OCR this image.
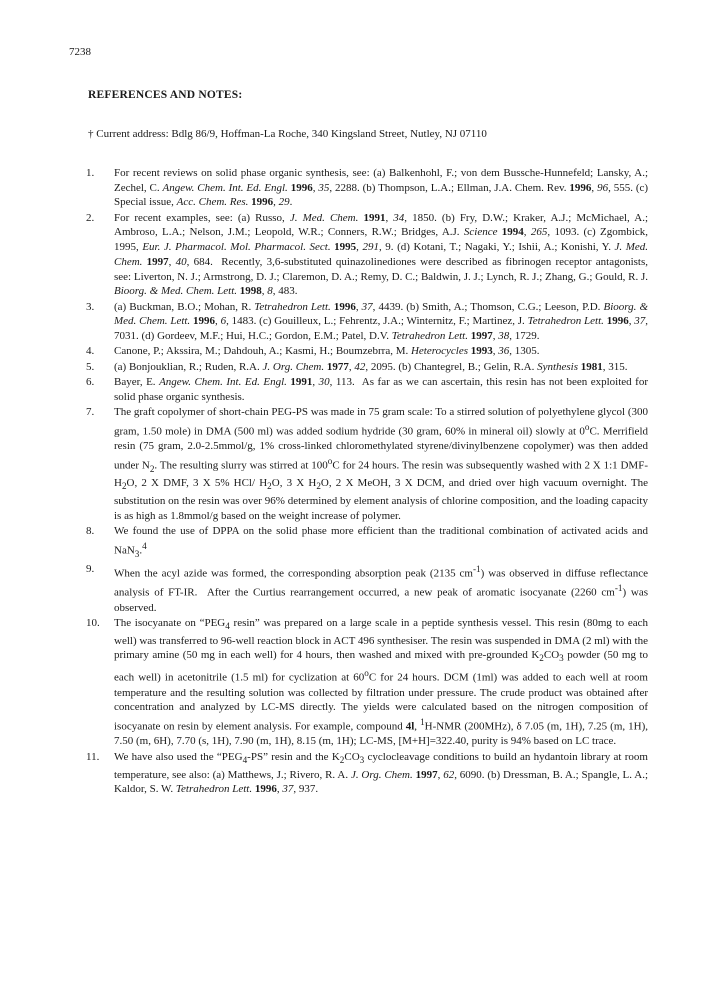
7238
REFERENCES AND NOTES:
† Current address: Bdlg 86/9, Hoffman-La Roche, 340 Kingsland Street, Nutley, NJ 07110
1.	For recent reviews on solid phase organic synthesis, see: (a) Balkenhohl, F.; von dem Bussche-Hunnefeld; Lansky, A.; Zechel, C. Angew. Chem. Int. Ed. Engl. 1996, 35, 2288. (b) Thompson, L.A.; Ellman, J.A. Chem. Rev. 1996, 96, 555. (c) Special issue, Acc. Chem. Res. 1996, 29.
2.	For recent examples, see: (a) Russo, J. Med. Chem. 1991, 34, 1850. (b) Fry, D.W.; Kraker, A.J.; McMichael, A.; Ambroso, L.A.; Nelson, J.M.; Leopold, W.R.; Conners, R.W.; Bridges, A.J. Science 1994, 265, 1093. (c) Zgombick, 1995, Eur. J. Pharmacol. Mol. Pharmacol. Sect. 1995, 291, 9. (d) Kotani, T.; Nagaki, Y.; Ishii, A.; Konishi, Y. J. Med. Chem. 1997, 40, 684.  Recently, 3,6-substituted quinazolinediones were described as fibrinogen receptor antagonists, see: Liverton, N. J.; Armstrong, D. J.; Claremon, D. A.; Remy, D. C.; Baldwin, J. J.; Lynch, R. J.; Zhang, G.; Gould, R. J. Bioorg. & Med. Chem. Lett. 1998, 8, 483.
3.	(a) Buckman, B.O.; Mohan, R. Tetrahedron Lett. 1996, 37, 4439. (b) Smith, A.; Thomson, C.G.; Leeson, P.D. Bioorg. & Med. Chem. Lett. 1996, 6, 1483. (c) Gouilleux, L.; Fehrentz, J.A.; Winternitz, F.; Martinez, J. Tetrahedron Lett. 1996, 37, 7031. (d) Gordeev, M.F.; Hui, H.C.; Gordon, E.M.; Patel, D.V. Tetrahedron Lett. 1997, 38, 1729.
4.	Canone, P.; Akssira, M.; Dahdouh, A.; Kasmi, H.; Boumzebrra, M. Heterocycles 1993, 36, 1305.
5.	(a) Bonjouklian, R.; Ruden, R.A. J. Org. Chem. 1977, 42, 2095. (b) Chantegrel, B.; Gelin, R.A. Synthesis 1981, 315.
6.	Bayer, E. Angew. Chem. Int. Ed. Engl. 1991, 30, 113.  As far as we can ascertain, this resin has not been exploited for solid phase organic synthesis.
7.	The graft copolymer of short-chain PEG-PS was made in 75 gram scale: To a stirred solution of polyethylene glycol (300 gram, 1.50 mole) in DMA (500 ml) was added sodium hydride (30 gram, 60% in mineral oil) slowly at 0$^o$C. Merrifield resin (75 gram, 2.0-2.5mmol/g, 1% cross-linked chloromethylated styrene/divinylbenzene copolymer) was then added under $N_2$. The resulting slurry was stirred at 100$^o$C for 24 hours. The resin was subsequently washed with 2 X 1:1 DMF-$H_2O$, 2 X DMF, 3 X 5% HCl/ $H_2O$, 3 X $H_2O$, 2 X MeOH, 3 X DCM, and dried over high vacuum overnight. The substitution on the resin was over 96% determined by element analysis of chlorine composition, and the loading capacity is as high as 1.8mmol/g based on the weight increase of polymer.
8.	We found the use of DPPA on the solid phase more efficient than the traditional combination of activated acids and NaN$_3$.$^4$
9.	When the acyl azide was formed, the corresponding absorption peak (2135 $cm^{-1}$) was observed in diffuse reflectance analysis of FT-IR.  After the Curtius rearrangement occurred, a new peak of aromatic isocyanate (2260 $cm^{-1}$) was observed.
10.	The isocyanate on “$PEG_4$ resin” was prepared on a large scale in a peptide synthesis vessel. This resin (80mg to each well) was transferred to 96-well reaction block in ACT 496 synthesiser. The resin was suspended in DMA (2 ml) with the primary amine (50 mg in each well) for 4 hours, then washed and mixed with pre-grounded $K_2CO_3$ powder (50 mg to each well) in acetonitrile (1.5 ml) for cyclization at 60$^o$C for 24 hours. DCM (1ml) was added to each well at room temperature and the resulting solution was collected by filtration under pressure. The crude product was obtained after concentration and analyzed by LC-MS directly. The yields were calculated based on the nitrogen composition of isocyanate on resin by element analysis. For example, compound 4l, $^1$H-NMR (200MHz), δ 7.05 (m, 1H), 7.25 (m, 1H), 7.50 (m, 6H), 7.70 (s, 1H), 7.90 (m, 1H), 8.15 (m, 1H); LC-MS, [M+H]=322.40, purity is 94% based on LC trace.
11.	We have also used the “$PEG_4-PS$” resin and the $K_2CO_3$ cyclocleavage conditions to build an hydantoin library at room temperature, see also: (a) Matthews, J.; Rivero, R. A. J. Org. Chem. 1997, 62, 6090. (b) Dressman, B. A.; Spangle, L. A.; Kaldor, S. W. Tetrahedron Lett. 1996, 37, 937.
